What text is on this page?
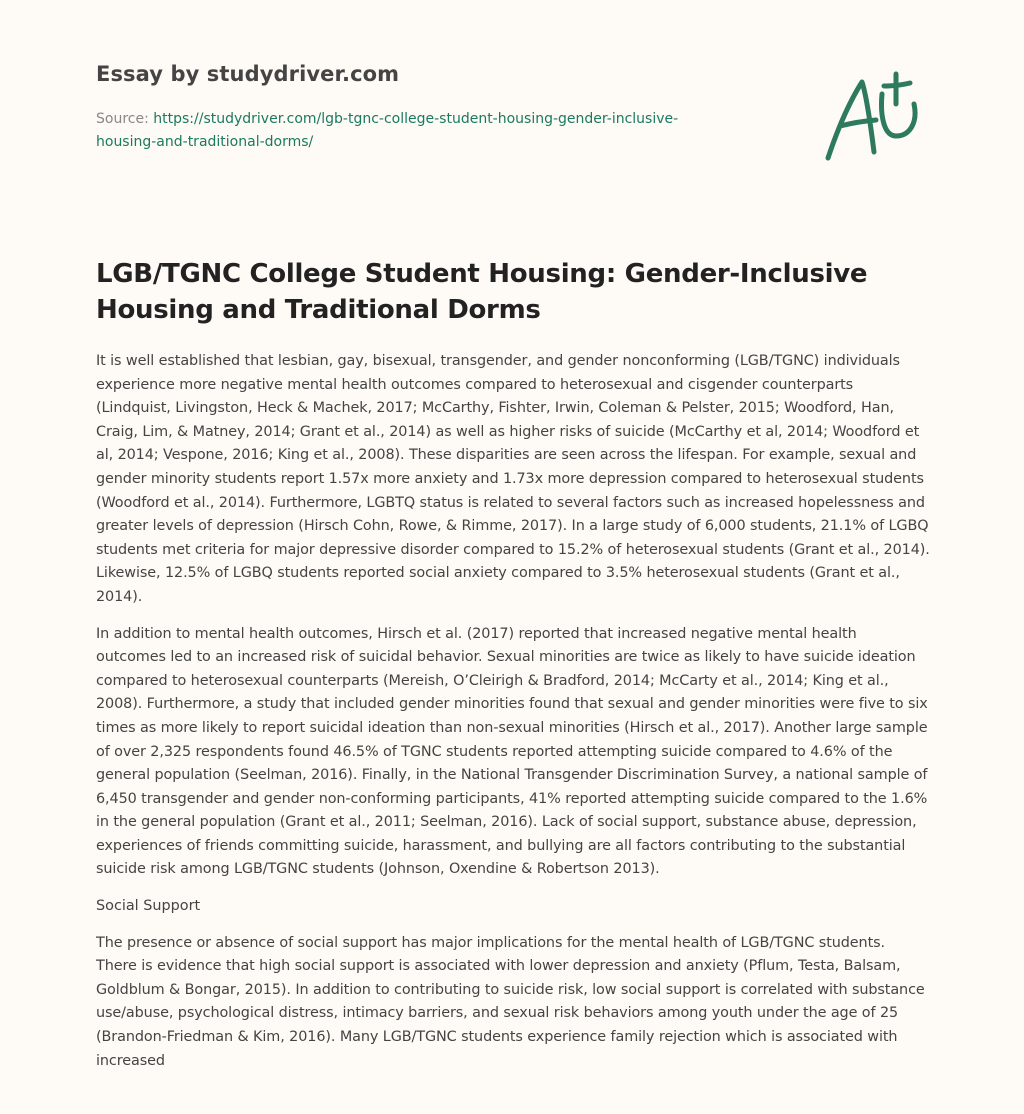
Essay by studydriver.com
Source: https://studydriver.com/lgb-tgnc-college-student-housing-gender-inclusive-housing-and-traditional-dorms/
LGB/TGNC College Student Housing: Gender-Inclusive Housing and Traditional Dorms

It is well established that lesbian, gay, bisexual, transgender, and gender nonconforming (LGB/TGNC) individuals experience more negative mental health outcomes compared to heterosexual and cisgender counterparts (Lindquist, Livingston, Heck & Machek, 2017; McCarthy, Fishter, Irwin, Coleman & Pelster, 2015; Woodford, Han, Craig, Lim, & Matney, 2014; Grant et al., 2014) as well as higher risks of suicide (McCarthy et al, 2014; Woodford et al, 2014; Vespone, 2016; King et al., 2008). These disparities are seen across the lifespan. For example, sexual and gender minority students report 1.57x more anxiety and 1.73x more depression compared to heterosexual students (Woodford et al., 2014). Furthermore, LGBTQ status is related to several factors such as increased hopelessness and greater levels of depression (Hirsch Cohn, Rowe, & Rimme, 2017). In a large study of 6,000 students, 21.1% of LGBQ students met criteria for major depressive disorder compared to 15.2% of heterosexual students (Grant et al., 2014). Likewise, 12.5% of LGBQ students reported social anxiety compared to 3.5% heterosexual students (Grant et al., 2014).

In addition to mental health outcomes, Hirsch et al. (2017) reported that increased negative mental health outcomes led to an increased risk of suicidal behavior. Sexual minorities are twice as likely to have suicide ideation compared to heterosexual counterparts (Mereish, O’Cleirigh & Bradford, 2014; McCarty et al., 2014; King et al., 2008). Furthermore, a study that included gender minorities found that sexual and gender minorities were five to six times as more likely to report suicidal ideation than non-sexual minorities (Hirsch et al., 2017). Another large sample of over 2,325 respondents found 46.5% of TGNC students reported attempting suicide compared to 4.6% of the general population (Seelman, 2016). Finally, in the National Transgender Discrimination Survey, a national sample of 6,450 transgender and gender non-conforming participants, 41% reported attempting suicide compared to the 1.6% in the general population (Grant et al., 2011; Seelman, 2016). Lack of social support, substance abuse, depression, experiences of friends committing suicide, harassment, and bullying are all factors contributing to the substantial suicide risk among LGB/TGNC students (Johnson, Oxendine & Robertson 2013).

Social Support

The presence or absence of social support has major implications for the mental health of LGB/TGNC students. There is evidence that high social support is associated with lower depression and anxiety (Pflum, Testa, Balsam, Goldblum & Bongar, 2015). In addition to contributing to suicide risk, low social support is correlated with substance use/abuse, psychological distress, intimacy barriers, and sexual risk behaviors among youth under the age of 25 (Brandon-Friedman & Kim, 2016). Many LGB/TGNC students experience family rejection which is associated with increased
